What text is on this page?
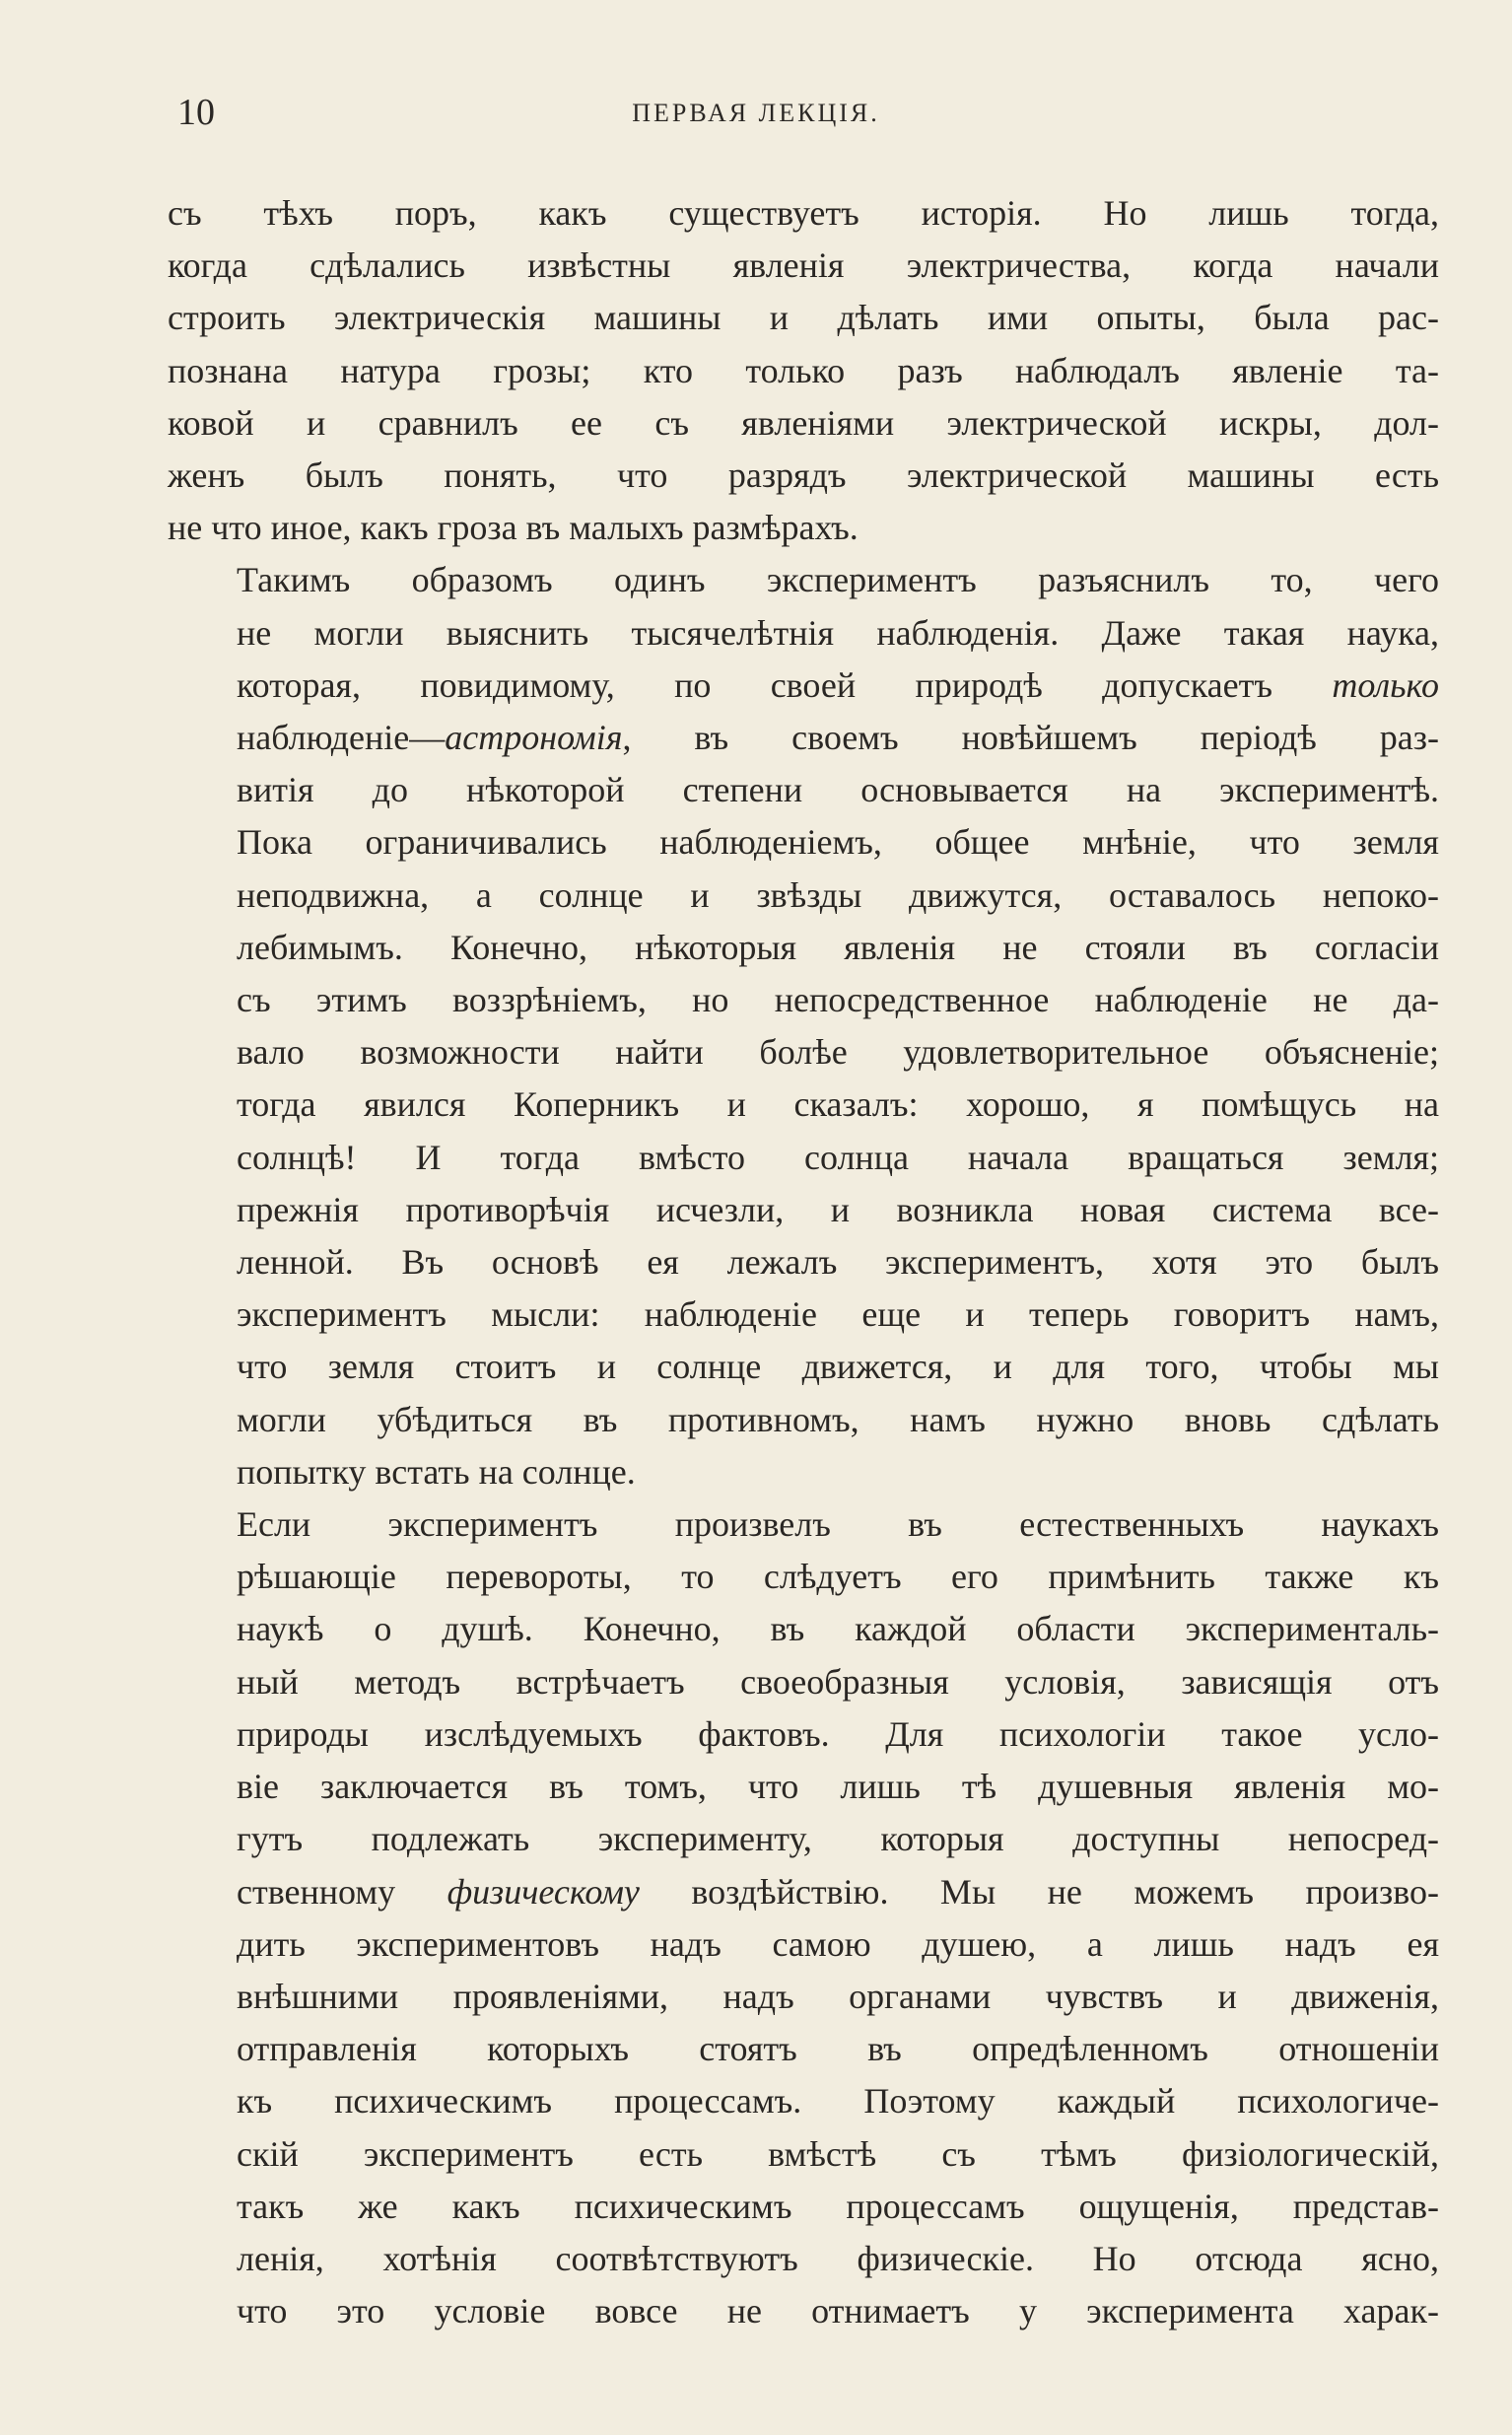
10	ПЕРВАЯ ЛЕКЦІЯ.

съ тѣхъ поръ, какъ существуетъ исторія. Но лишь тогда,
когда сдѣлались извѣстны явленія электричества, когда начали
строить электрическія машины и дѣлать ими опыты, была рас-
познана натура грозы; кто только разъ наблюдалъ явленіе та-
ковой и сравнилъ ее съ явленіями электрической искры, дол-
женъ былъ понять, что разрядъ электрической машины есть
не что иное, какъ гроза въ малыхъ размѣрахъ.

Такимъ образомъ одинъ экспериментъ разъяснилъ то, чего
не могли выяснить тысячелѣтнія наблюденія. Даже такая наука,
которая, повидимому, по своей природѣ допускаетъ только
наблюденіе—астрономія, въ своемъ новѣйшемъ періодѣ раз-
витія до нѣкоторой степени основывается на экспериментѣ.
Пока ограничивались наблюденіемъ, общее мнѣніе, что земля
неподвижна, а солнце и звѣзды движутся, оставалось непоко-
лебимымъ. Конечно, нѣкоторыя явленія не стояли въ согласіи
съ этимъ воззрѣніемъ, но непосредственное наблюденіе не да-
вало возможности найти болѣе удовлетворительное объясненіе;
тогда явился Коперникъ и сказалъ: хорошо, я помѣщусь на
солнцѣ! И тогда вмѣсто солнца начала вращаться земля;
прежнія противорѣчія исчезли, и возникла новая система все-
ленной. Въ основѣ ея лежалъ экспериментъ, хотя это былъ
экспериментъ мысли: наблюденіе еще и теперь говоритъ намъ,
что земля стоитъ и солнце движется, и для того, чтобы мы
могли убѣдиться въ противномъ, намъ нужно вновь сдѣлать
попытку встать на солнце.

Если экспериментъ произвелъ въ естественныхъ наукахъ
рѣшающіе перевороты, то слѣдуетъ его примѣнить также къ
наукѣ о душѣ. Конечно, въ каждой области эксперименталь-
ный методъ встрѣчаетъ своеобразныя условія, зависящія отъ
природы изслѣдуемыхъ фактовъ. Для психологіи такое усло-
віе заключается въ томъ, что лишь тѣ душевныя явленія мо-
гутъ подлежать эксперименту, которыя доступны непосред-
ственному физическому воздѣйствію. Мы не можемъ произво-
дить экспериментовъ надъ самою душею, а лишь надъ ея
внѣшними проявленіями, надъ органами чувствъ и движенія,
отправленія которыхъ стоятъ въ опредѣленномъ отношеніи
къ психическимъ процессамъ. Поэтому каждый психологиче-
скій экспериментъ есть вмѣстѣ съ тѣмъ физіологическій,
такъ же какъ психическимъ процессамъ ощущенія, представ-
ленія, хотѣнія соотвѣтствуютъ физическіе. Но отсюда ясно,
что это условіе вовсе не отнимаетъ у эксперимента харак-
